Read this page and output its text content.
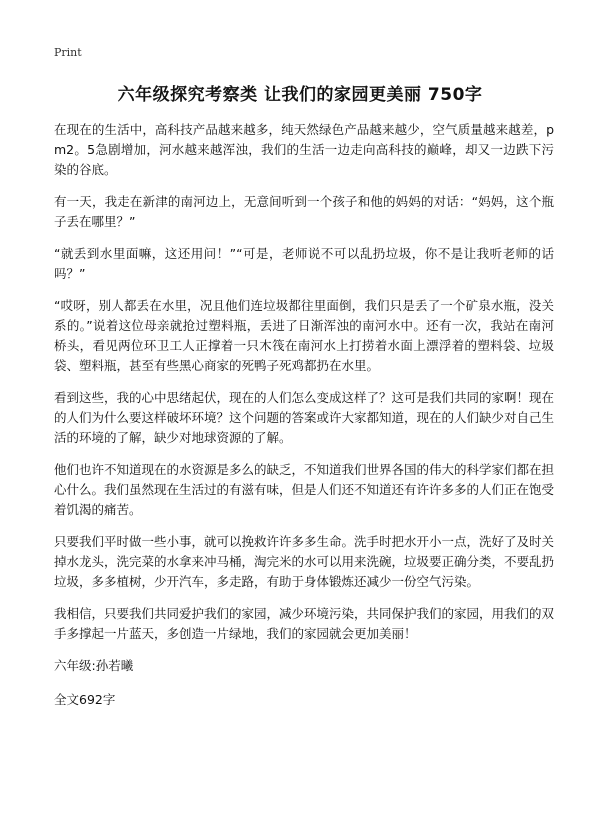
Print
六年级探究考察类 让我们的家园更美丽 750字

在现在的生活中，高科技产品越来越多，纯天然绿色产品越来越少，空气质量越来越差，pm2。5急剧增加，河水越来越浑浊，我们的生活一边走向高科技的巅峰，却又一边跌下污染的谷底。

有一天，我走在新津的南河边上，无意间听到一个孩子和他的妈妈的对话：“妈妈，这个瓶子丢在哪里？”

“就丢到水里面嘛，这还用问！”“可是，老师说不可以乱扔垃圾，你不是让我听老师的话吗？”

“哎呀，别人都丢在水里，况且他们连垃圾都往里面倒，我们只是丢了一个矿泉水瓶，没关系的。”说着这位母亲就抢过塑料瓶，丢进了日渐浑浊的南河水中。还有一次，我站在南河桥头，看见两位环卫工人正撑着一只木筏在南河水上打捞着水面上漂浮着的塑料袋、垃圾袋、塑料瓶，甚至有些黑心商家的死鸭子死鸡都扔在水里。

看到这些，我的心中思绪起伏，现在的人们怎么变成这样了？这可是我们共同的家啊！现在的人们为什么要这样破坏环境？这个问题的答案或许大家都知道，现在的人们缺少对自己生活的环境的了解，缺少对地球资源的了解。

他们也许不知道现在的水资源是多么的缺乏，不知道我们世界各国的伟大的科学家们都在担心什么。我们虽然现在生活过的有滋有味，但是人们还不知道还有许许多多的人们正在饱受着饥渴的痛苦。

只要我们平时做一些小事，就可以挽救许许多多生命。洗手时把水开小一点，洗好了及时关掉水龙头，洗完菜的水拿来冲马桶，淘完米的水可以用来洗碗，垃圾要正确分类，不要乱扔垃圾，多多植树，少开汽车，多走路，有助于身体锻炼还减少一份空气污染。

我相信，只要我们共同爱护我们的家园，减少环境污染，共同保护我们的家园，用我们的双手多撑起一片蓝天，多创造一片绿地，我们的家园就会更加美丽！

六年级:孙若曦

全文692字
